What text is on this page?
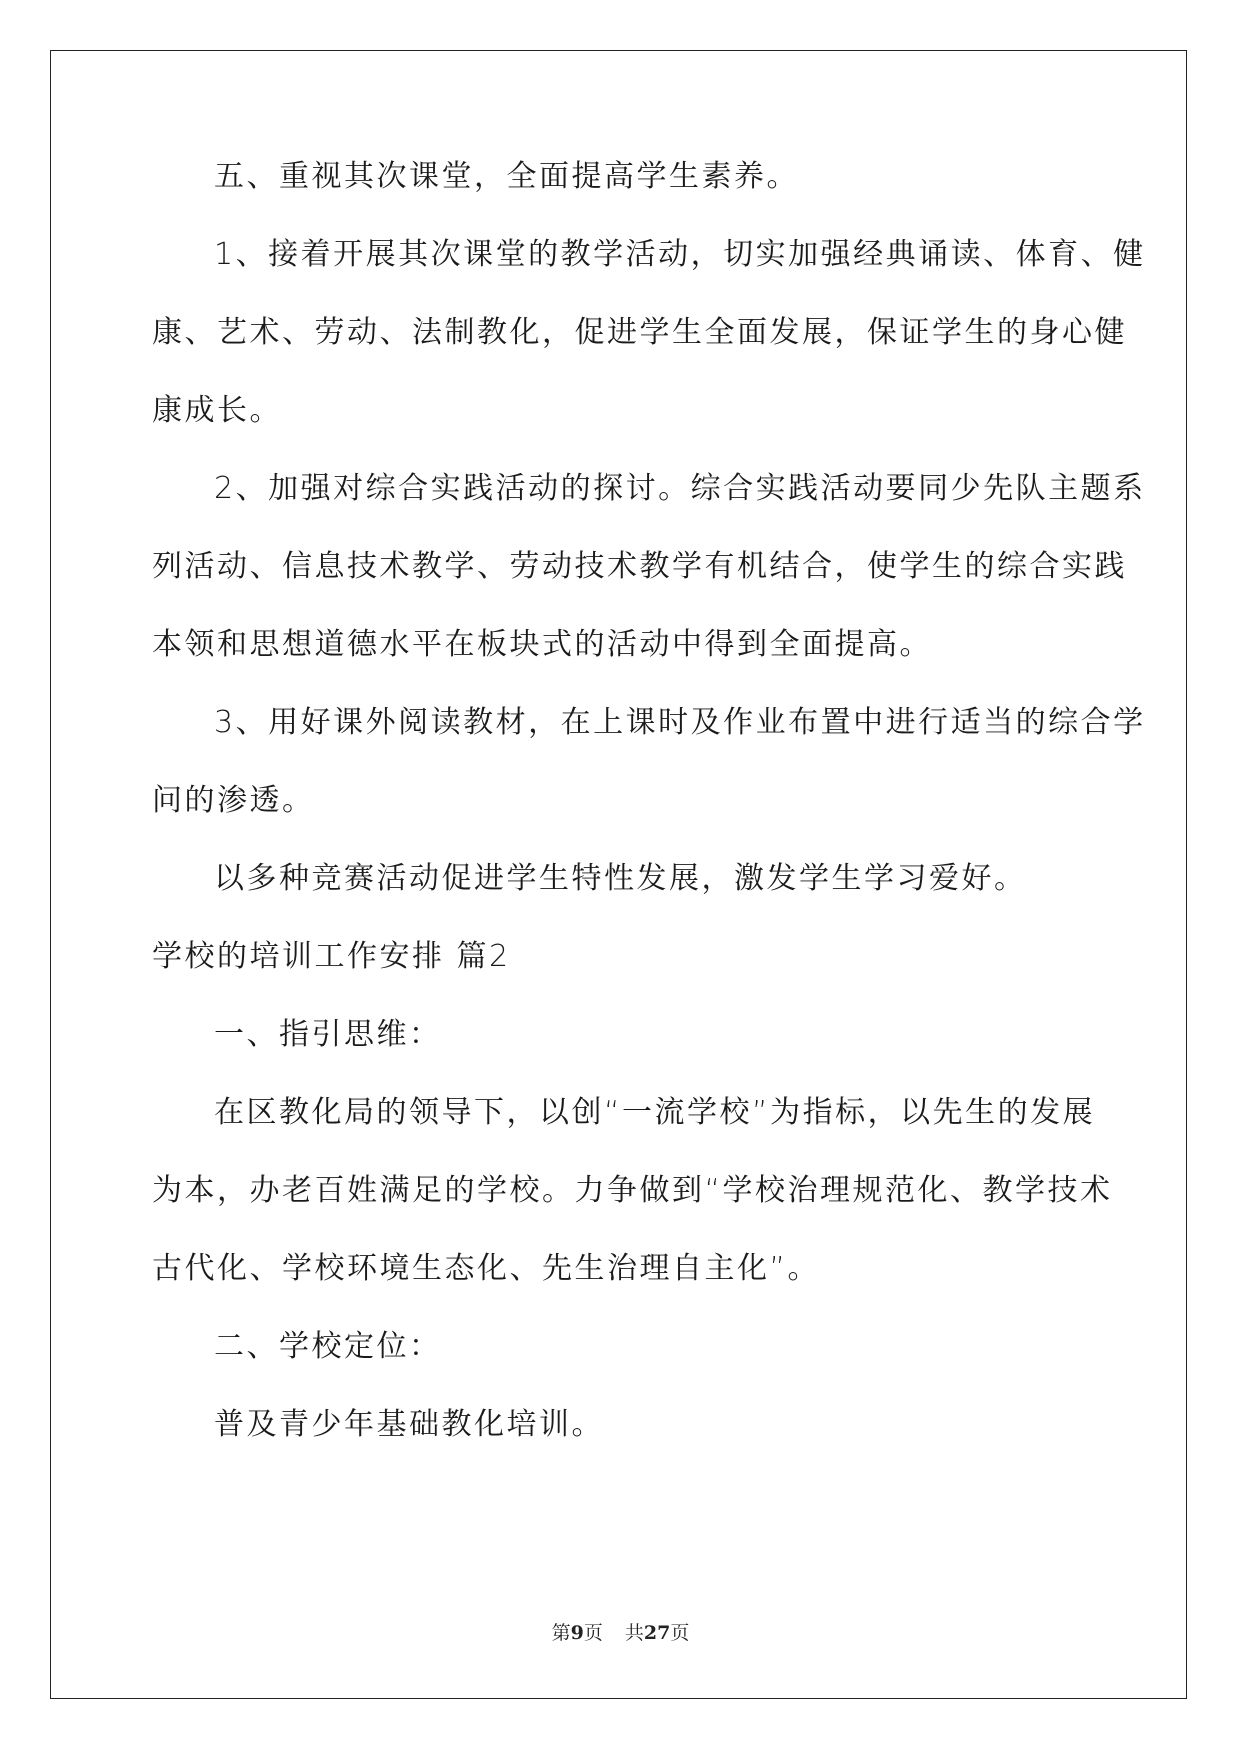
五、重视其次课堂，全面提高学生素养。
1、接着开展其次课堂的教学活动，切实加强经典诵读、体育、健
康、艺术、劳动、法制教化，促进学生全面发展，保证学生的身心健
康成长。
2、加强对综合实践活动的探讨。综合实践活动要同少先队主题系
列活动、信息技术教学、劳动技术教学有机结合，使学生的综合实践
本领和思想道德水平在板块式的活动中得到全面提高。
3、用好课外阅读教材，在上课时及作业布置中进行适当的综合学
问的渗透。
以多种竞赛活动促进学生特性发展，激发学生学习爱好。
学校的培训工作安排 篇2
一、指引思维：
在区教化局的领导下，以创“一流学校”为指标，以先生的发展
为本，办老百姓满足的学校。力争做到“学校治理规范化、教学技术
古代化、学校环境生态化、先生治理自主化”。
二、学校定位：
普及青少年基础教化培训。
第9页 共27页
